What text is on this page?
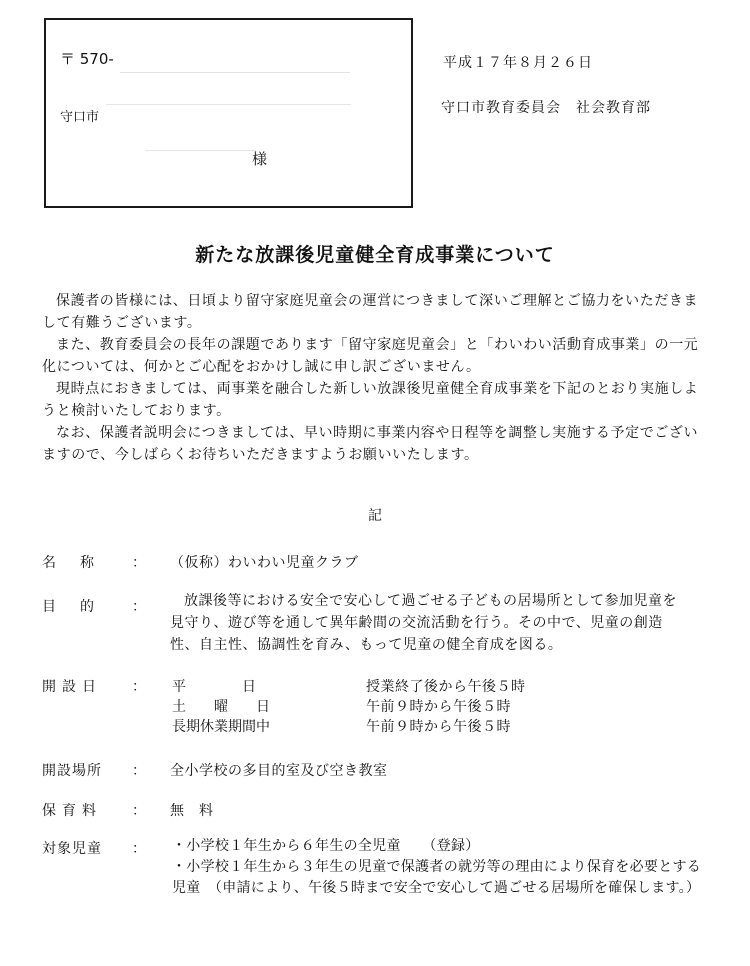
〒 570-
守口市
様
平成１７年８月２６日
守口市教育委員会　社会教育部
新たな放課後児童健全育成事業について

保護者の皆様には、日頃より留守家庭児童会の運営につきまして深いご理解とご協力をいただきまして有難うございます。

また、教育委員会の長年の課題であります「留守家庭児童会」と「わいわい活動育成事業」の一元化については、何かとご心配をおかけし誠に申し訳ございません。

現時点におきましては、両事業を融合した新しい放課後児童健全育成事業を下記のとおり実施しようと検討いたしております。

なお、保護者説明会につきましては、早い時期に事業内容や日程等を調整し実施する予定でございますので、今しばらくお待ちいただきますようお願いいたします。

記
名称 ： （仮称）わいわい児童クラブ
目的 ：	放課後等における安全で安心して過ごせる子どもの居場所として参加児童を見守り、遊び等を通して異年齢間の交流活動を行う。その中で、児童の創造性、自主性、協調性を育み、もって児童の健全育成を図る。
開設日 ： 平　　　　日	授業終了後から午後５時
土　　曜　　日	午前９時から午後５時
長期休業期間中	午前９時から午後５時
開設場所 ： 全小学校の多目的室及び空き教室
保育料 ： 無　料
対象児童 ： ・小学校１年生から６年生の全児童　　（登録）
・小学校１年生から３年生の児童で保護者の就労等の理由により保育を必要とする児童　（申請により、午後５時まで安全で安心して過ごせる居場所を確保します。）
